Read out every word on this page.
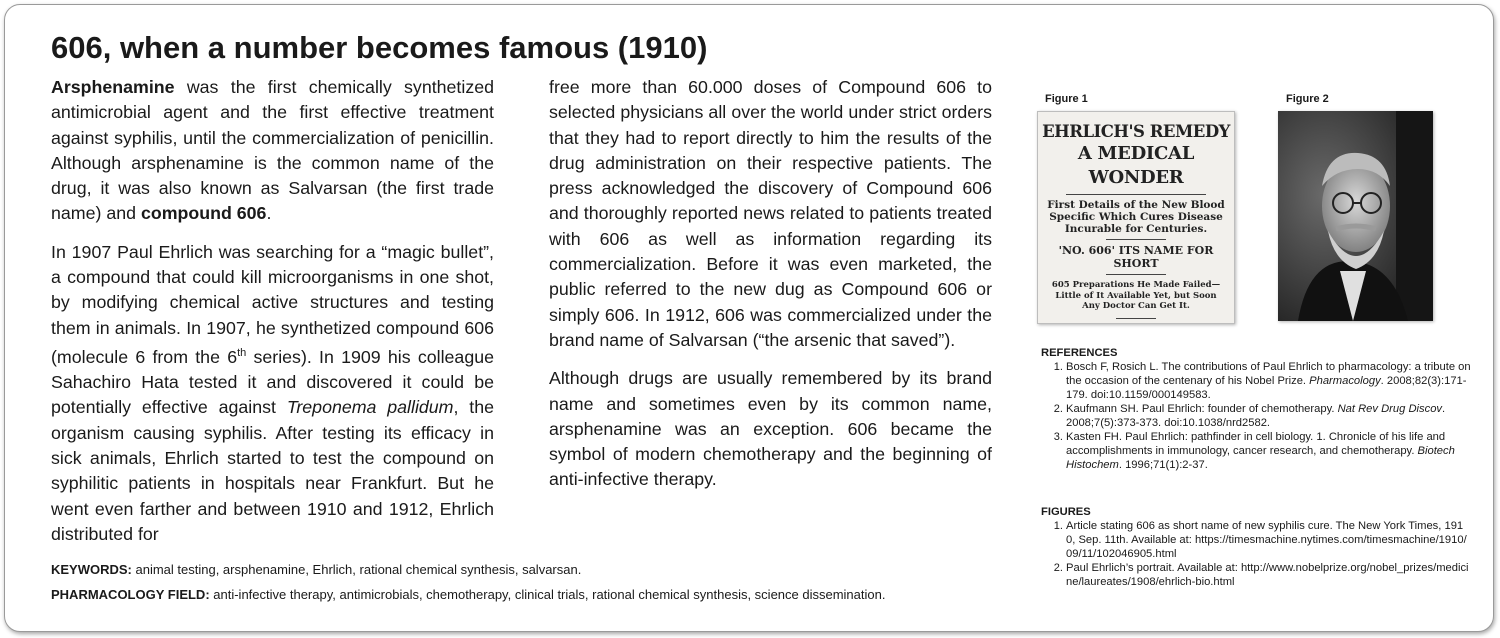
606, when a number becomes famous (1910)

Arsphenamine was the first chemically synthetized antimicrobial agent and the first effective treatment against syphilis, until the commercialization of penicillin. Although arsphenamine is the common name of the drug, it was also known as Salvarsan (the first trade name) and compound 606.

In 1907 Paul Ehrlich was searching for a “magic bullet”, a compound that could kill microorganisms in one shot, by modifying chemical active structures and testing them in animals. In 1907, he synthetized compound 606 (molecule 6 from the 6th series). In 1909 his colleague Sahachiro Hata tested it and discovered it could be potentially effective against Treponema pallidum, the organism causing syphilis. After testing its efficacy in sick animals, Ehrlich started to test the compound on syphilitic patients in hospitals near Frankfurt. But he went even farther and between 1910 and 1912, Ehrlich distributed for

free more than 60.000 doses of Compound 606 to selected physicians all over the world under strict orders that they had to report directly to him the results of the drug administration on their respective patients. The press acknowledged the discovery of Compound 606 and thoroughly reported news related to patients treated with 606 as well as information regarding its commercialization. Before it was even marketed, the public referred to the new dug as Compound 606 or simply 606. In 1912, 606 was commercialized under the brand name of Salvarsan (“the arsenic that saved”).

Although drugs are usually remembered by its brand name and sometimes even by its common name, arsphenamine was an exception. 606 became the symbol of modern chemotherapy and the beginning of anti-infective therapy.

KEYWORDS: animal testing, arsphenamine, Ehrlich, rational chemical synthesis, salvarsan.
PHARMACOLOGY FIELD: anti-infective therapy, antimicrobials, chemotherapy, clinical trials, rational chemical synthesis, science dissemination.
Figure 1	Figure 2
EHRLICH'S REMEDY
A MEDICAL WONDER
First Details of the New Blood
Specific Which Cures Disease
Incurable for Centuries.
'NO. 606' ITS NAME FOR SHORT
605 Preparations He Made Failed—
Little of It Available Yet, but Soon
Any Doctor Can Get It.
REFERENCES
1. Bosch F, Rosich L. The contributions of Paul Ehrlich to pharmacology: a tribute on the occasion of the centenary of his Nobel Prize. Pharmacology. 2008;82(3):171-179. doi:10.1159/000149583.
2. Kaufmann SH. Paul Ehrlich: founder of chemotherapy. Nat Rev Drug Discov. 2008;7(5):373-373. doi:10.1038/nrd2582.
3. Kasten FH. Paul Ehrlich: pathfinder in cell biology. 1. Chronicle of his life and accomplishments in immunology, cancer research, and chemotherapy. Biotech Histochem. 1996;71(1):2-37.
FIGURES
1. Article stating 606 as short name of new syphilis cure. The New York Times, 1910, Sep. 11th. Available at: https://timesmachine.nytimes.com/timesmachine/1910/09/11/102046905.html
2. Paul Ehrlich’s portrait. Available at: http://www.nobelprize.org/nobel_prizes/medicine/laureates/1908/ehrlich-bio.html
